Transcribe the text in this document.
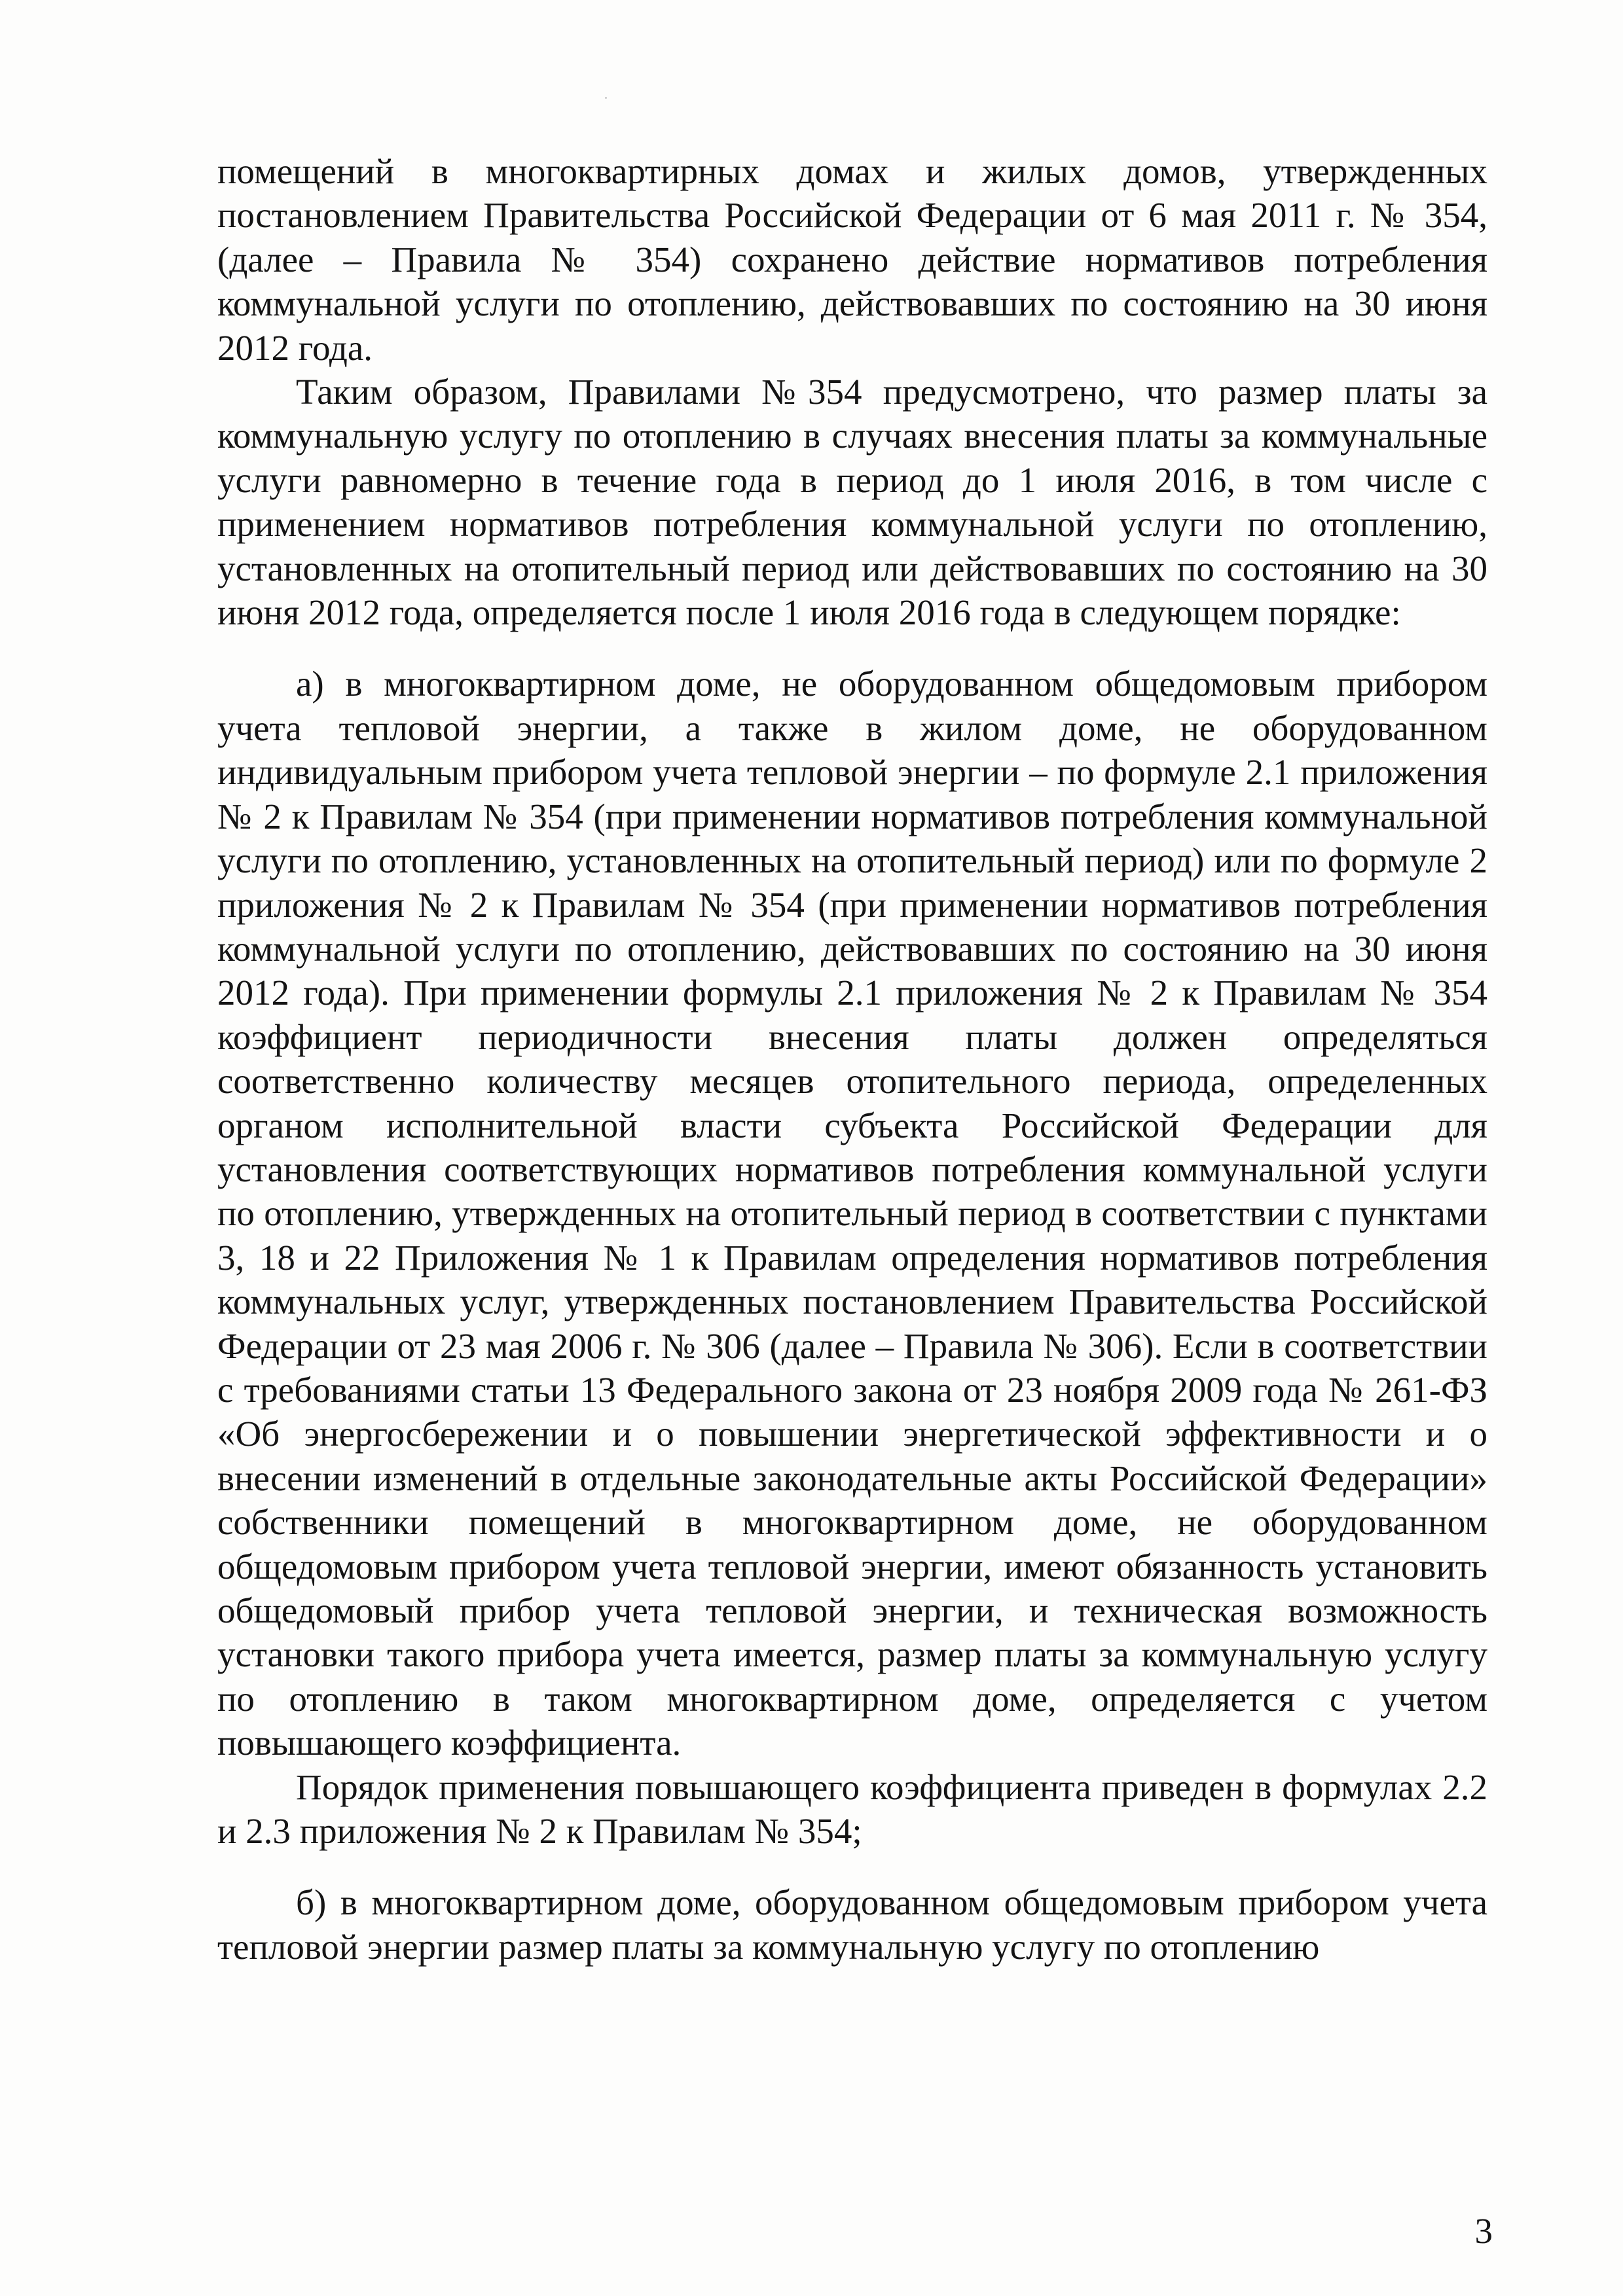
помещений в многоквартирных домах и жилых домов, утвержденных постановлением Правительства Российской Федерации от 6 мая 2011 г. № 354, (далее – Правила № 354) сохранено действие нормативов потребления коммунальной услуги по отоплению, действовавших по состоянию на 30 июня 2012 года.

Таким образом, Правилами №354 предусмотрено, что размер платы за коммунальную услугу по отоплению в случаях внесения платы за коммунальные услуги равномерно в течение года в период до 1 июля 2016, в том числе с применением нормативов потребления коммунальной услуги по отоплению, установленных на отопительный период или действовавших по состоянию на 30 июня 2012 года, определяется после 1 июля 2016 года в следующем порядке:

а) в многоквартирном доме, не оборудованном общедомовым прибором учета тепловой энергии, а также в жилом доме, не оборудованном индивидуальным прибором учета тепловой энергии – по формуле 2.1 приложения № 2 к Правилам № 354 (при применении нормативов потребления коммунальной услуги по отоплению, установленных на отопительный период) или по формуле 2 приложения № 2 к Правилам № 354 (при применении нормативов потребления коммунальной услуги по отоплению, действовавших по состоянию на 30 июня 2012 года). При применении формулы 2.1 приложения № 2 к Правилам № 354 коэффициент периодичности внесения платы должен определяться соответственно количеству месяцев отопительного периода, определенных органом исполнительной власти субъекта Российской Федерации для установления соответствующих нормативов потребления коммунальной услуги по отоплению, утвержденных на отопительный период в соответствии с пунктами 3, 18 и 22 Приложения № 1 к Правилам определения нормативов потребления коммунальных услуг, утвержденных постановлением Правительства Российской Федерации от 23 мая 2006 г. № 306 (далее – Правила № 306). Если в соответствии с требованиями статьи 13 Федерального закона от 23 ноября 2009 года № 261-ФЗ «Об энергосбережении и о повышении энергетической эффективности и о внесении изменений в отдельные законодательные акты Российской Федерации» собственники помещений в многоквартирном доме, не оборудованном общедомовым прибором учета тепловой энергии, имеют обязанность установить общедомовый прибор учета тепловой энергии, и техническая возможность установки такого прибора учета имеется, размер платы за коммунальную услугу по отоплению в таком многоквартирном доме, определяется с учетом повышающего коэффициента.

Порядок применения повышающего коэффициента приведен в формулах 2.2 и 2.3 приложения № 2 к Правилам № 354;

б) в многоквартирном доме, оборудованном общедомовым прибором учета тепловой энергии размер платы за коммунальную услугу по отоплению

3
